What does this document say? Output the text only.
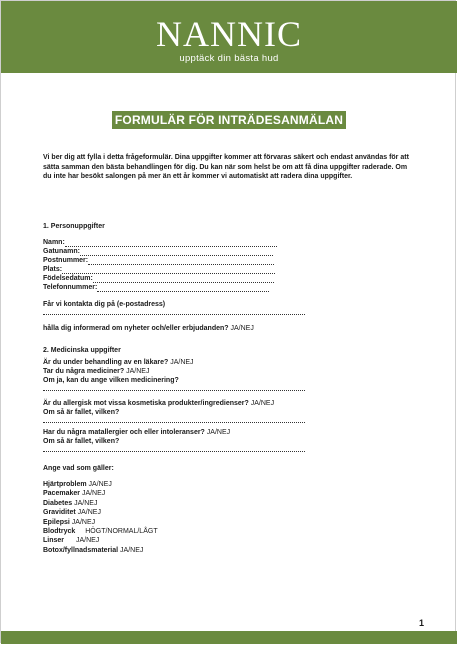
NANNIC
upptäck din bästa hud
FORMULÄR FÖR INTRÄDESANMÄLAN

Vi ber dig att fylla i detta frågeformulär. Dina uppgifter kommer att förvaras säkert och endast användas för att sätta samman den bästa behandlingen för dig. Du kan när som helst be om att få dina uppgifter raderade. Om du inte har besökt salongen på mer än ett år kommer vi automatiskt att radera dina uppgifter.

1. Personuppgifter

Namn:
Gatunamn:
Postnummer:
Plats:
Födelsedatum:
Telefonnummer:
Får vi kontakta dig på (e-postadress)
hålla dig informerad om nyheter och/eller erbjudanden? JA/NEJ

2. Medicinska uppgifter

Är du under behandling av en läkare? JA/NEJ
Tar du några mediciner? JA/NEJ
Om ja, kan du ange vilken medicinering?
Är du allergisk mot vissa kosmetiska produkter/ingredienser? JA/NEJ
Om så är fallet, vilken?
Har du några matallergier och eller intoleranser? JA/NEJ
Om så är fallet, vilken?
Ange vad som gäller:
Hjärtproblem JA/NEJ
Pacemaker JA/NEJ
Diabetes JA/NEJ
Graviditet JA/NEJ
Epilepsi JA/NEJ
Blodtryck HÖGT/NORMAL/LÅGT
Linser JA/NEJ
Botox/fyllnadsmaterial JA/NEJ
1
